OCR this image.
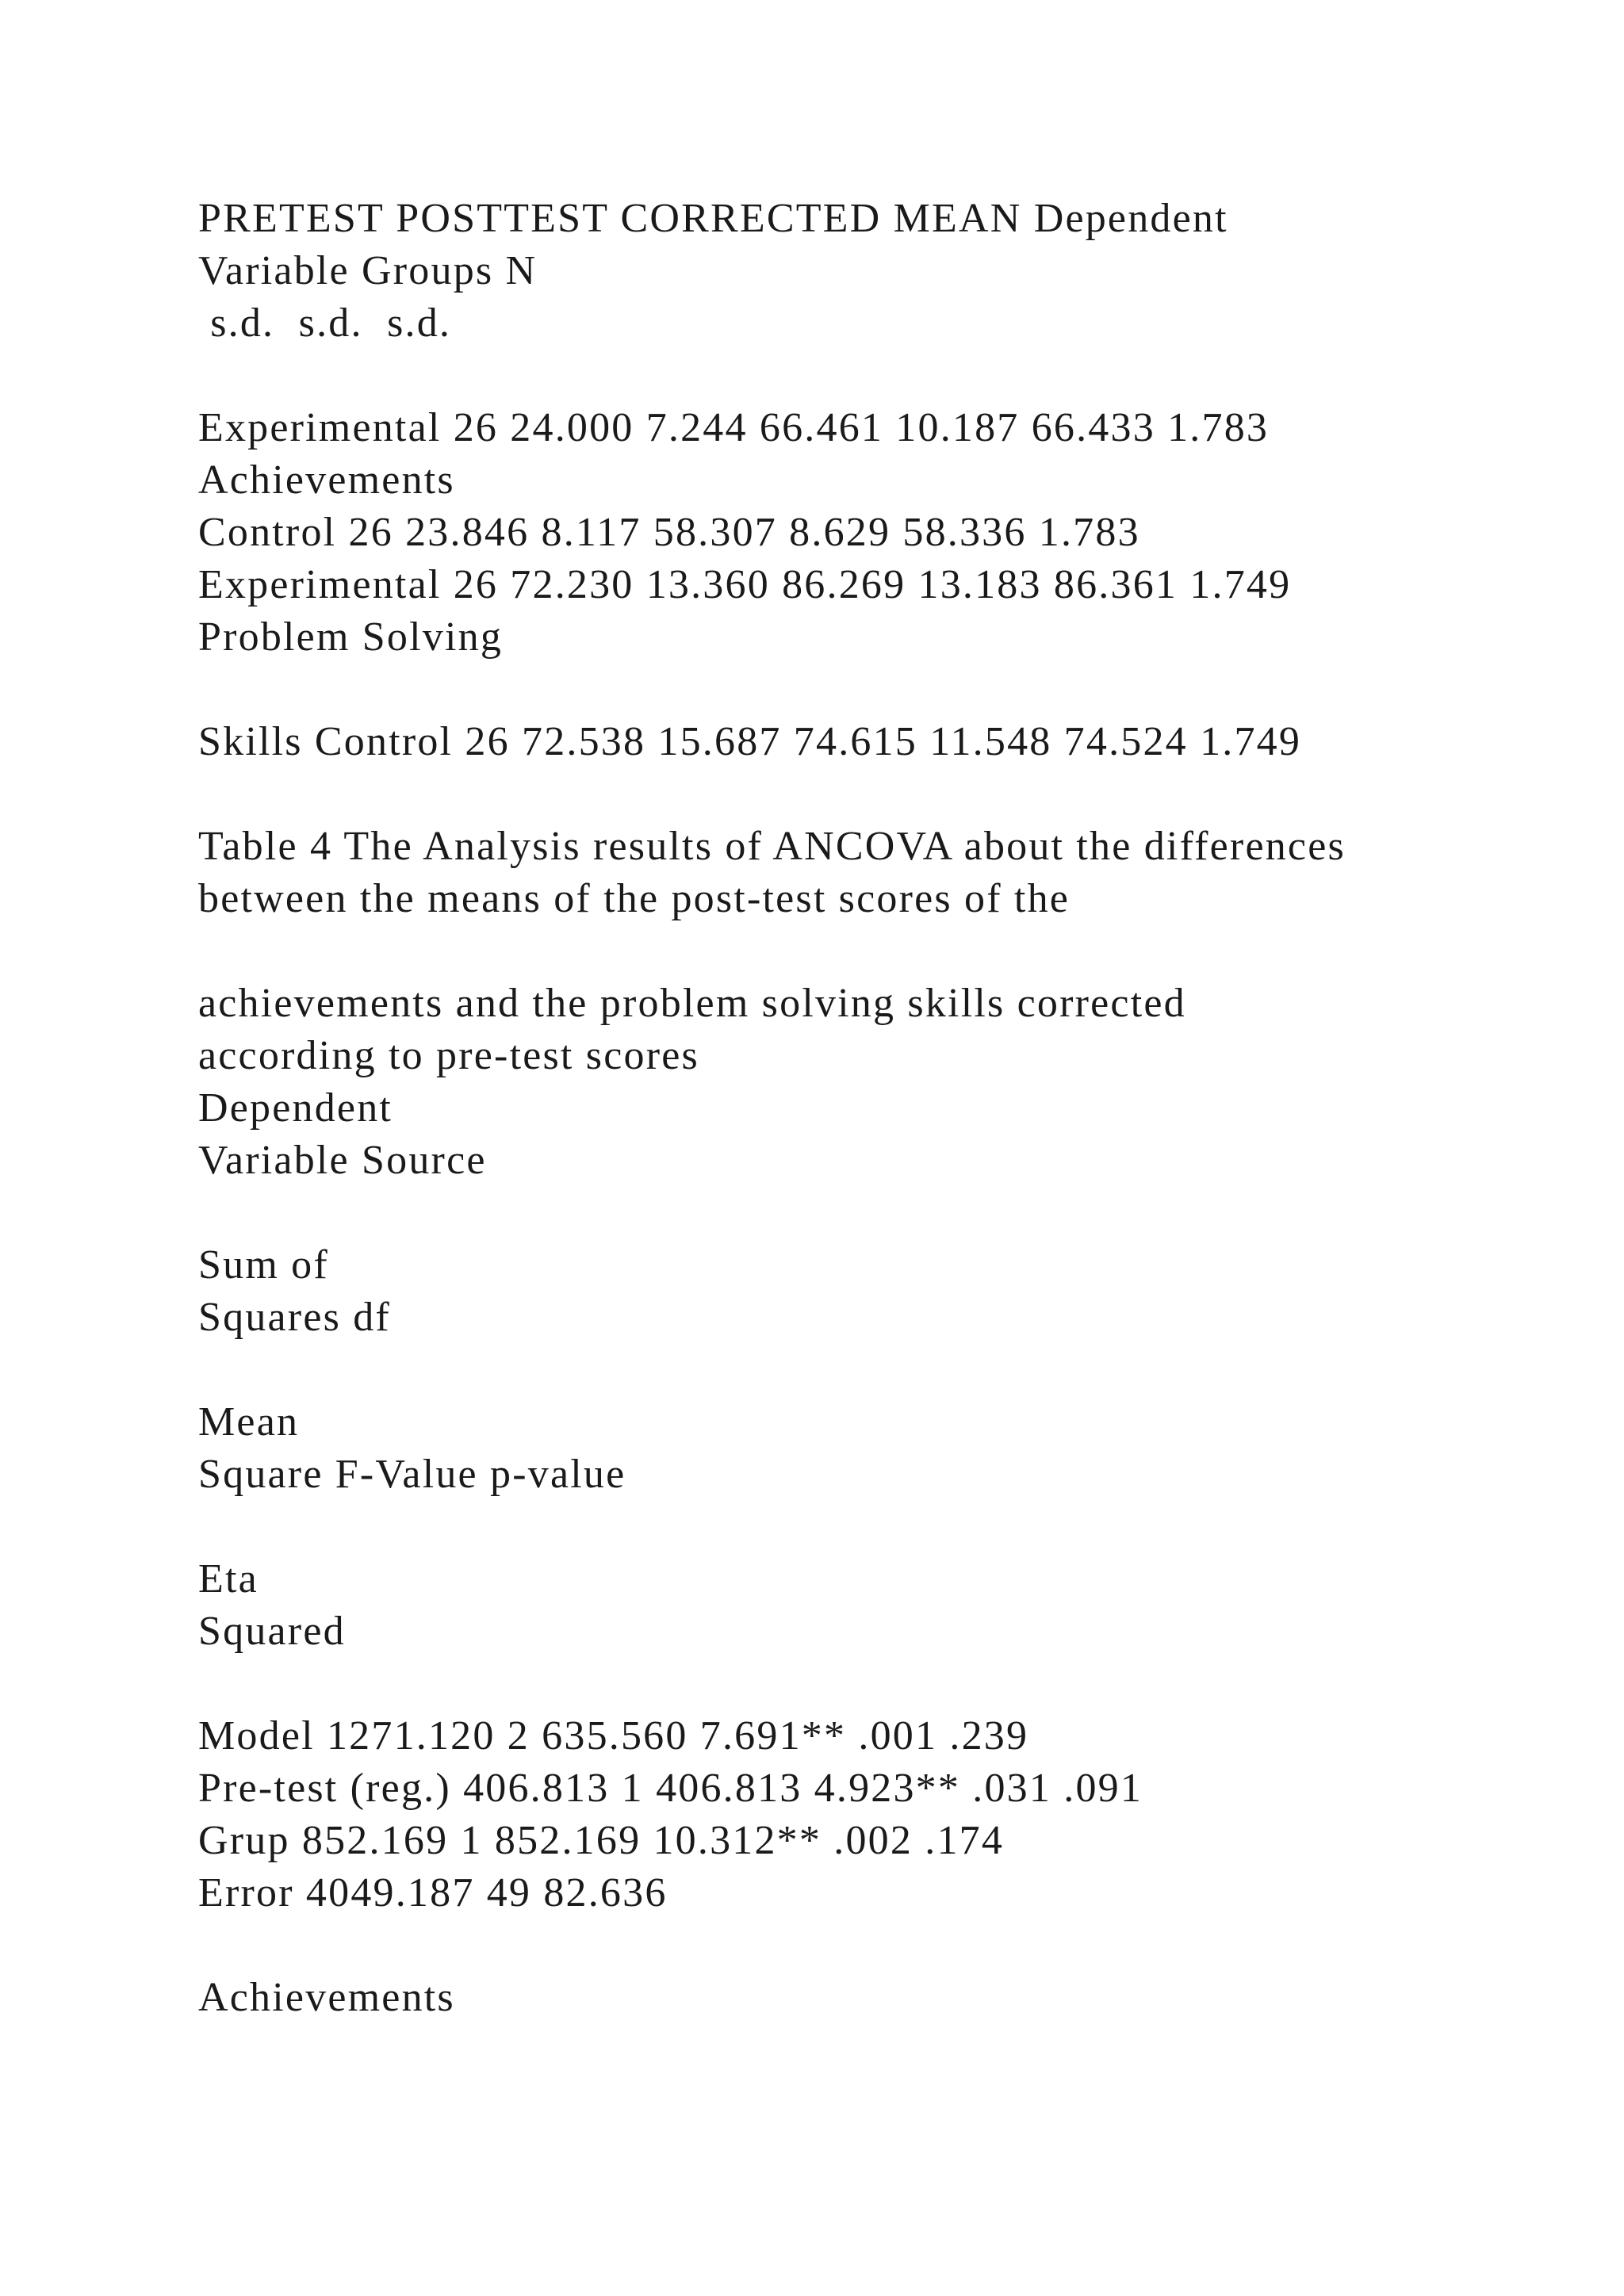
PRETEST POSTTEST CORRECTED MEAN Dependent
Variable Groups N
s.d.  s.d.  s.d.
Experimental 26 24.000 7.244 66.461 10.187 66.433 1.783
Achievements
Control 26 23.846 8.117 58.307 8.629 58.336 1.783
Experimental 26 72.230 13.360 86.269 13.183 86.361 1.749
Problem Solving
Skills Control 26 72.538 15.687 74.615 11.548 74.524 1.749
Table 4 The Analysis results of ANCOVA about the differences
between the means of the post-test scores of the
achievements and the problem solving skills corrected
according to pre-test scores
Dependent
Variable Source
Sum of
Squares df
Mean
Square F-Value p-value
Eta
Squared
Model 1271.120 2 635.560 7.691** .001 .239
Pre-test (reg.) 406.813 1 406.813 4.923** .031 .091
Grup 852.169 1 852.169 10.312** .002 .174
Error 4049.187 49 82.636
Achievements
